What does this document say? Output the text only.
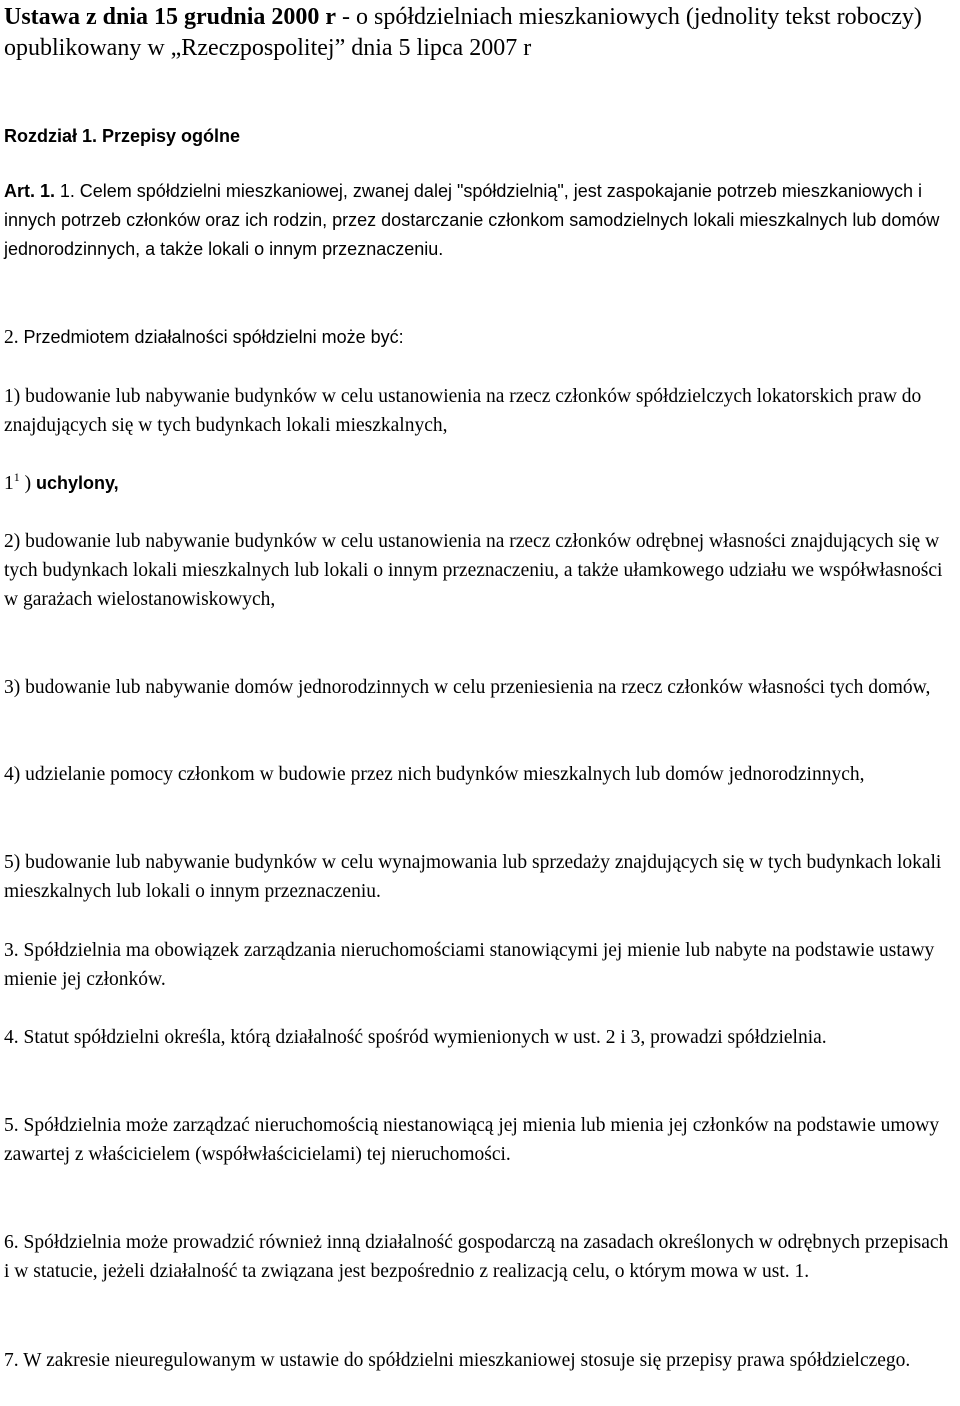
Ustawa z dnia 15 grudnia 2000 r - o spółdzielniach mieszkaniowych (jednolity tekst roboczy) opublikowany w „Rzeczpospolitej” dnia 5 lipca 2007 r

Rozdział 1. Przepisy ogólne

Art. 1. 1. Celem spółdzielni mieszkaniowej, zwanej dalej "spółdzielnią", jest zaspokajanie potrzeb mieszkaniowych i innych potrzeb członków oraz ich rodzin, przez dostarczanie członkom samodzielnych lokali mieszkalnych lub domów jednorodzinnych, a także lokali o innym przeznaczeniu.

2. Przedmiotem działalności spółdzielni może być:

1) budowanie lub nabywanie budynków w celu ustanowienia na rzecz członków spółdzielczych lokatorskich praw do znajdujących się w tych budynkach lokali mieszkalnych,

$1^1$ ) uchylony,

2) budowanie lub nabywanie budynków w celu ustanowienia na rzecz członków odrębnej własności znajdujących się w tych budynkach lokali mieszkalnych lub lokali o innym przeznaczeniu, a także ułamkowego udziału we współwłasności w garażach wielostanowiskowych,

3) budowanie lub nabywanie domów jednorodzinnych w celu przeniesienia na rzecz członków własności tych domów,

4) udzielanie pomocy członkom w budowie przez nich budynków mieszkalnych lub domów jednorodzinnych,

5) budowanie lub nabywanie budynków w celu wynajmowania lub sprzedaży znajdujących się w tych budynkach lokali mieszkalnych lub lokali o innym przeznaczeniu.

3. Spółdzielnia ma obowiązek zarządzania nieruchomościami stanowiącymi jej mienie lub nabyte na podstawie ustawy mienie jej członków.

4. Statut spółdzielni określa, którą działalność spośród wymienionych w ust. 2 i 3, prowadzi spółdzielnia.

5. Spółdzielnia może zarządzać nieruchomością niestanowiącą jej mienia lub mienia jej członków na podstawie umowy zawartej z właścicielem (współwłaścicielami) tej nieruchomości.

6. Spółdzielnia może prowadzić również inną działalność gospodarczą na zasadach określonych w odrębnych przepisach i w statucie, jeżeli działalność ta związana jest bezpośrednio z realizacją celu, o którym mowa w ust. 1.

7. W zakresie nieuregulowanym w ustawie do spółdzielni mieszkaniowej stosuje się przepisy prawa spółdzielczego.
